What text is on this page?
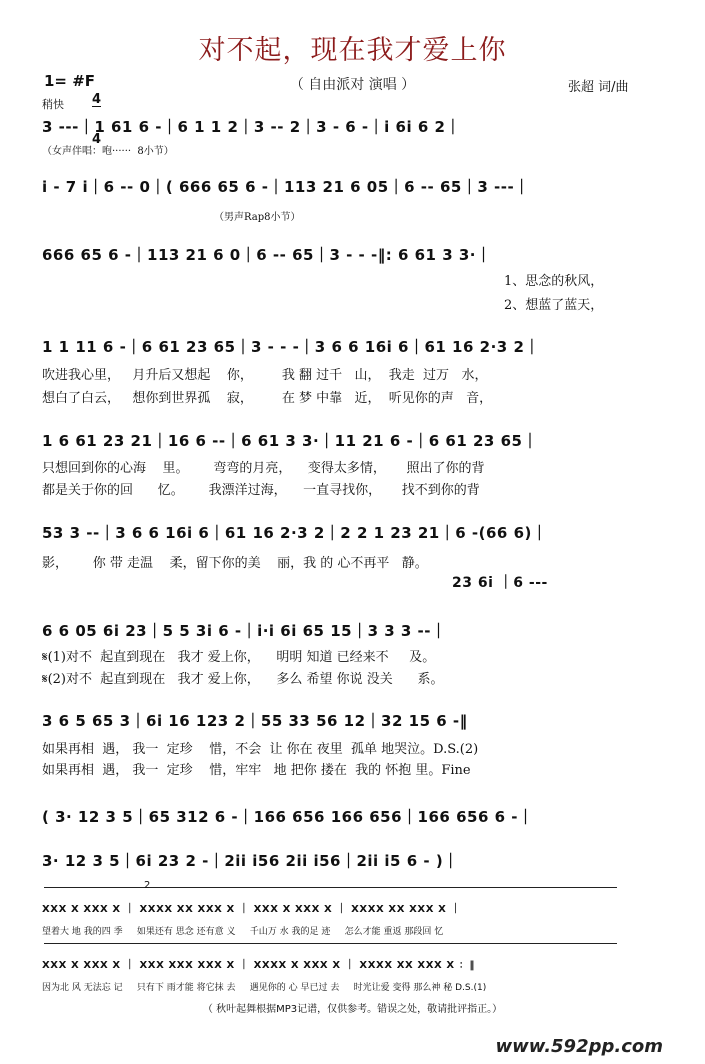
对不起，现在我才爱上你
（ 自由派对 演唱 ）
1= #F

4

4

稍快
张超 词/曲
3 ---｜1 61 6 -｜6 1 1 2｜3 -- 2｜3 - 6 -｜i 6i 6 2｜
（女声伴唱：咆······  8小节）
i - 7 i｜6 -- 0｜( 666 65 6 -｜113 21 6 05｜6 -- 65｜3 ---｜
（男声Rap8小节）
666 65 6 -｜113 21 6 0｜6 -- 65｜3 - - -‖: 6 61 3 3·｜
1、思念的秋风，
2、想蓝了蓝天，
1 1 11 6 -｜6 61 23 65｜3 - - -｜3 6 6 16i 6｜61 16 2·3 2｜
吹进我心里，   月升后又想起    你，       我 翻 过千   山，  我走  过万   水，
想白了白云，   想你到世界孤    寂，       在 梦 中靠   近，  听见你的声   音，
1 6 61 23 21｜16 6 --｜6 61 3 3·｜11 21 6 -｜6 61 23 65｜
只想回到你的心海    里。      弯弯的月亮，    变得太多情，     照出了你的背
都是关于你的回      忆。      我漂洋过海，    一直寻找你，     找不到你的背
53 3 --｜3 6 6 16i 6｜61 16 2·3 2｜2 2 1 23 21｜6 -(66 6)｜
影，      你 带 走温    柔，留下你的美    丽，我 的 心不再平   静。
23 6i ｜6 ---
6 6 05 6i 23｜5 5 3i 6 -｜i·i 6i 65 15｜3 3 3 --｜
𝄋(1)对不  起直到现在   我才 爱上你，    明明 知道 已经来不     及。
𝄋(2)对不  起直到现在   我才 爱上你，    多么 希望 你说 没关      系。
3 6 5 65 3｜6i 16 123 2｜55 33 56 12｜32 15 6 -‖
如果再相  遇， 我一  定珍    惜，不会  让 你在 夜里  孤单 地哭泣。D.S.(2)
如果再相  遇， 我一  定珍    惜，牢牢   地 把你 搂在  我的 怀抱 里。Fine
( 3· 12 3 5｜65 312 6 -｜166 656 166 656｜166 656 6 -｜
3· 12 3 5｜6i 23 2 -｜2ii i56 2ii i56｜2ii i5 6 - )｜
2
XXX X XXX X ｜ XXXX XX XXX X ｜ XXX X XXX X ｜ XXXX XX XXX X ｜
望着大 地 我的四 季     如果还有 思念 还有意 义     千山万 水 我的足 迹     怎么才能 重返 那段回 忆
XXX X XXX X ｜ XXX XXX XXX X ｜ XXXX X XXX X ｜ XXXX XX XXX X ：‖
因为北 风 无法忘 记     只有下 雨才能 将它抹 去     遇见你的 心 早已过 去     时光让爱 变得 那么神 秘 D.S.(1)
（ 秋叶起舞根据MP3记谱，仅供参考。错误之处，敬请批评指正。）
www.592pp.com
